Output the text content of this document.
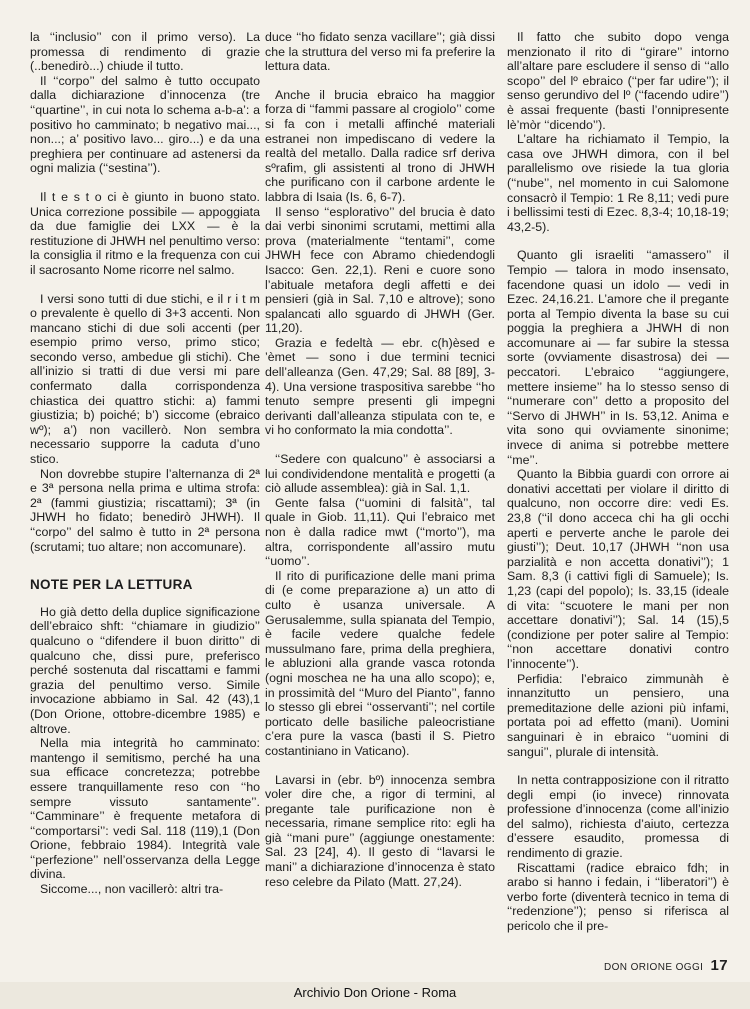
la ‘‘inclusio’’ con il primo verso). La promessa di rendimento di grazie (..benedirò...) chiude il tutto.

Il ‘‘corpo’’ del salmo è tutto occupato dalla dichiarazione d’innocenza (tre ‘‘quartine’’, in cui nota lo schema a-b-a’: a positivo ho camminato; b negativo mai..., non...; a’ positivo lavo... giro...) e da una preghiera per continuare ad astenersi da ogni malizia (‘‘sestina’’).

Il t e s t o ci è giunto in buono stato. Unica correzione possibile — appoggiata da due famiglie dei LXX — è la restituzione di JHWH nel penultimo verso: la consiglia il ritmo e la frequenza con cui il sacrosanto Nome ricorre nel salmo.

I versi sono tutti di due stichi, e il r i t m o prevalente è quello di 3+3 accenti. Non mancano stichi di due soli accenti (per esempio primo verso, primo stico; secondo verso, ambedue gli stichi). Che all’inizio si tratti di due versi mi pare confermato dalla corrispondenza chiastica dei quattro stichi: a) fammi giustizia; b) poiché; b’) siccome (ebraico wº); a’) non vacillerò. Non sembra necessario supporre la caduta d’uno stico.

Non dovrebbe stupire l’alternanza di 2ª e 3ª persona nella prima e ultima strofa: 2ª (fammi giustizia; riscattami); 3ª (in JHWH ho fidato; benedirò JHWH). Il ‘‘corpo’’ del salmo è tutto in 2ª persona (scrutami; tuo altare; non accomunare).

NOTE PER LA LETTURA

Ho già detto della duplice significazione dell’ebraico shft: ‘‘chiamare in giudizio’’ qualcuno o ‘‘difendere il buon diritto’’ di qualcuno che, dissi pure, preferisco perché sostenuta dal riscattami e fammi grazia del penultimo verso. Simile invocazione abbiamo in Sal. 42 (43),1 (Don Orione, ottobre-dicembre 1985) e altrove.

Nella mia integrità ho camminato: mantengo il semitismo, perché ha una sua efficace concretezza; potrebbe essere tranquillamente reso con ‘‘ho sempre vissuto santamente’’. ‘‘Camminare’’ è frequente metafora di ‘‘comportarsi’’: vedi Sal. 118 (119),1 (Don Orione, febbraio 1984). Integrità vale ‘‘perfezione’’ nell’osservanza della Legge divina.

Siccome..., non vacillerò: altri tra-

duce ‘‘ho fidato senza vacillare’’; già dissi che la struttura del verso mi fa preferire la lettura data.

Anche il brucia ebraico ha maggior forza di ‘‘fammi passare al crogiolo’’ come si fa con i metalli affinché materiali estranei non impediscano di vedere la realtà del metallo. Dalla radice srf deriva sºrafim, gli assistenti al trono di JHWH che purificano con il carbone ardente le labbra di Isaia (Is. 6, 6-7).

Il senso ‘‘esplorativo’’ del brucia è dato dai verbi sinonimi scrutami, mettimi alla prova (materialmente ‘‘tentami’’, come JHWH fece con Abramo chiedendogli Isacco: Gen. 22,1). Reni e cuore sono l’abituale metafora degli affetti e dei pensieri (già in Sal. 7,10 e altrove); sono spalancati allo sguardo di JHWH (Ger. 11,20).

Grazia e fedeltà — ebr. c(h)èsed e ’èmet — sono i due termini tecnici dell’alleanza (Gen. 47,29; Sal. 88 [89], 3-4). Una versione traspositiva sarebbe ‘‘ho tenuto sempre presenti gli impegni derivanti dall’alleanza stipulata con te, e vi ho conformato la mia condotta’’.

‘‘Sedere con qualcuno’’ è associarsi a lui condividendone mentalità e progetti (a ciò allude assemblea): già in Sal. 1,1.

Gente falsa (‘‘uomini di falsità’’, tal quale in Giob. 11,11). Qui l’ebraico met non è dalla radice mwt (‘‘morto’’), ma altra, corrispondente all’assiro mutu ‘‘uomo’’.

Il rito di purificazione delle mani prima di (e come preparazione a) un atto di culto è usanza universale. A Gerusalemme, sulla spianata del Tempio, è facile vedere qualche fedele mussulmano fare, prima della preghiera, le abluzioni alla grande vasca rotonda (ogni moschea ne ha una allo scopo); e, in prossimità del ‘‘Muro del Pianto’’, fanno lo stesso gli ebrei ‘‘osservanti’’; nel cortile porticato delle basiliche paleocristiane c’era pure la vasca (basti il S. Pietro costantiniano in Vaticano).

Lavarsi in (ebr. bº) innocenza sembra voler dire che, a rigor di termini, al pregante tale purificazione non è necessaria, rimane semplice rito: egli ha già ‘‘mani pure’’ (aggiunge onestamente: Sal. 23 [24], 4). Il gesto di ‘‘lavarsi le mani’’ a dichiarazione d’innocenza è stato reso celebre da Pilato (Matt. 27,24).

Il fatto che subito dopo venga menzionato il rito di ‘‘girare’’ intorno all’altare pare escludere il senso di ‘‘allo scopo’’ del lº ebraico (‘‘per far udire’’); il senso gerundivo del lº (‘‘facendo udire’’) è assai frequente (basti l’onnipresente lè’mòr ‘‘dicendo’’).

L’altare ha richiamato il Tempio, la casa ove JHWH dimora, con il bel parallelismo ove risiede la tua gloria (‘‘nube’’, nel momento in cui Salomone consacrò il Tempio: 1 Re 8,11; vedi pure i bellissimi testi di Ezec. 8,3-4; 10,18-19; 43,2-5).

Quanto gli israeliti ‘‘amassero’’ il Tempio — talora in modo insensato, facendone quasi un idolo — vedi in Ezec. 24,16.21. L’amore che il pregante porta al Tempio diventa la base su cui poggia la preghiera a JHWH di non accomunare ai — far subire la stessa sorte (ovviamente disastrosa) dei — peccatori. L’ebraico ‘‘aggiungere, mettere insieme’’ ha lo stesso senso di ‘‘numerare con’’ detto a proposito del ‘‘Servo di JHWH’’ in Is. 53,12. Anima e vita sono qui ovviamente sinonime; invece di anima si potrebbe mettere ‘‘me’’.

Quanto la Bibbia guardi con orrore ai donativi accettati per violare il diritto di qualcuno, non occorre dire: vedi Es. 23,8 (‘‘il dono acceca chi ha gli occhi aperti e perverte anche le parole dei giusti’’); Deut. 10,17 (JHWH ‘‘non usa parzialità e non accetta donativi’’); 1 Sam. 8,3 (i cattivi figli di Samuele); Is. 1,23 (capi del popolo); Is. 33,15 (ideale di vita: ‘‘scuotere le mani per non accettare donativi’’); Sal. 14 (15),5 (condizione per poter salire al Tempio: ‘‘non accettare donativi contro l’innocente’’).

Perfidia: l’ebraico zimmunàh è innanzitutto un pensiero, una premeditazione delle azioni più infami, portata poi ad effetto (mani). Uomini sanguinari è in ebraico ‘‘uomini di sangui’’, plurale di intensità.

In netta contrapposizione con il ritratto degli empi (io invece) rinnovata professione d’innocenza (come all’inizio del salmo), richiesta d’aiuto, certezza d’essere esaudito, promessa di rendimento di grazie.

Riscattami (radice ebraico fdh; in arabo si hanno i fedain, i ‘‘liberatori’’) è verbo forte (diventerà tecnico in tema di ‘‘redenzione’’); penso si riferisca al pericolo che il pre-

DON ORIONE OGGI 17
Archivio Don Orione - Roma
